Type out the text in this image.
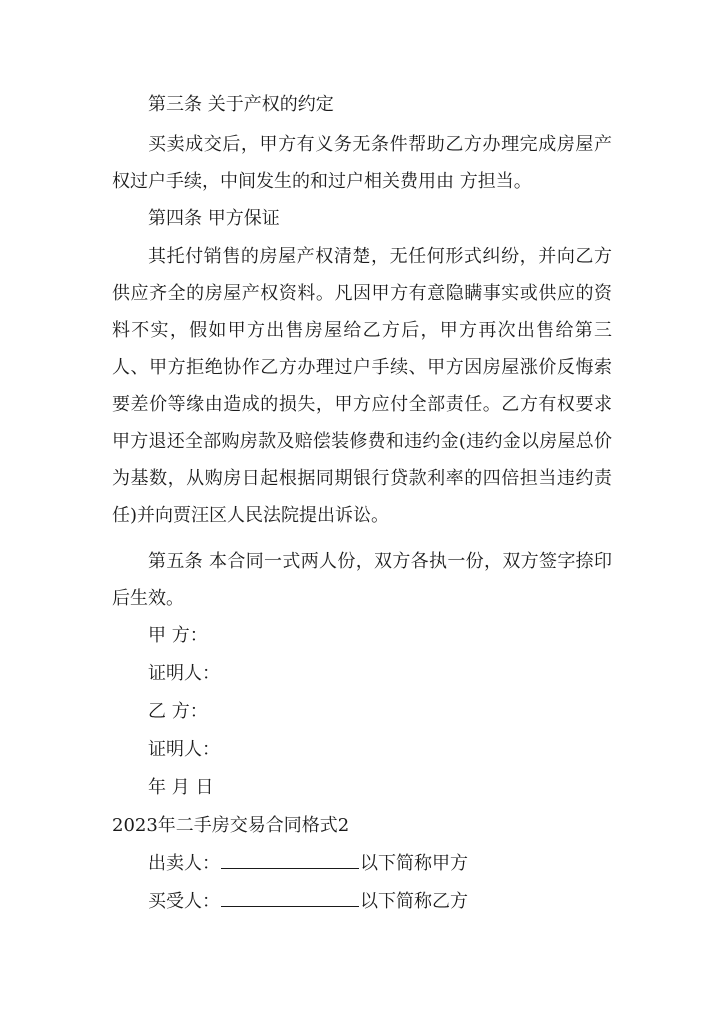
第三条 关于产权的约定
买卖成交后，甲方有义务无条件帮助乙方办理完成房屋产权过户手续，中间发生的和过户相关费用由 方担当。
第四条 甲方保证
其托付销售的房屋产权清楚，无任何形式纠纷，并向乙方供应齐全的房屋产权资料。凡因甲方有意隐瞒事实或供应的资料不实，假如甲方出售房屋给乙方后，甲方再次出售给第三人、甲方拒绝协作乙方办理过户手续、甲方因房屋涨价反悔索要差价等缘由造成的损失，甲方应付全部责任。乙方有权要求甲方退还全部购房款及赔偿装修费和违约金(违约金以房屋总价为基数，从购房日起根据同期银行贷款利率的四倍担当违约责任)并向贾汪区人民法院提出诉讼。
第五条 本合同一式两人份，双方各执一份，双方签字捺印后生效。
甲 方：
证明人：
乙 方：
证明人：
年 月 日
2023年二手房交易合同格式2
出卖人：	以下简称甲方
买受人：	以下简称乙方
